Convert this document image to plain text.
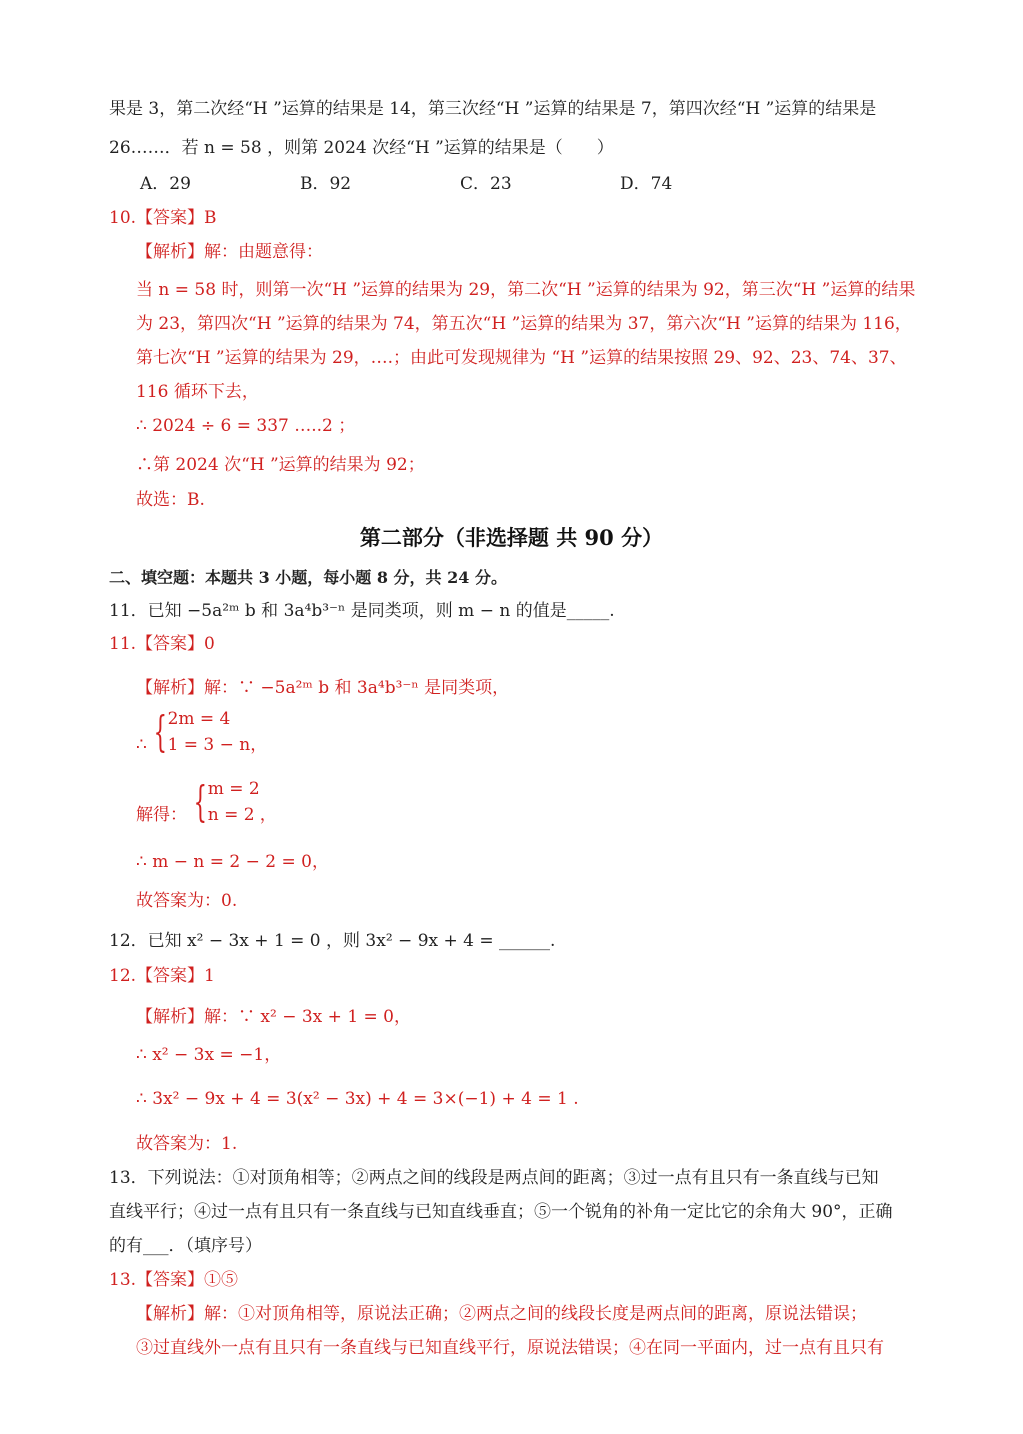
果是 3，第二次经“H ”运算的结果是 14，第三次经“H ”运算的结果是 7，第四次经“H ”运算的结果是
26……．若 n = 58 ，则第 2024 次经“H ”运算的结果是（　　）
A．29	B．92	C．23	D．74
10.【答案】B
【解析】解：由题意得：
当 n = 58 时，则第一次“H ”运算的结果为 29，第二次“H ”运算的结果为 92，第三次“H ”运算的结果
为 23，第四次“H ”运算的结果为 74，第五次“H ”运算的结果为 37，第六次“H ”运算的结果为 116，
第七次“H ”运算的结果为 29，….；由此可发现规律为 “H ”运算的结果按照 29、92、23、74、37、
116 循环下去，
∴ 2024 ÷ 6 = 337 …..2 ；
∴第 2024 次“H ”运算的结果为 92；
故选：B.
第二部分（非选择题 共 90 分）
二、填空题：本题共 3 小题，每小题 8 分，共 24 分。
11．已知 −5a²ᵐ b 和 3a⁴b³⁻ⁿ 是同类项，则 m − n 的值是_____.
11.【答案】0
【解析】解：∵ −5a²ᵐ b 和 3a⁴b³⁻ⁿ 是同类项，
∴ { 2m = 4
1 = 3 − n ，
解得： { m = 2
n = 2 ，
∴ m − n = 2 − 2 = 0，
故答案为：0.
12．已知 x² − 3x + 1 = 0 ，则 3x² − 9x + 4 = ______.
12.【答案】1
【解析】解：∵ x² − 3x + 1 = 0，
∴ x² − 3x = −1，
∴ 3x² − 9x + 4 = 3(x² − 3x) + 4 = 3×(−1) + 4 = 1 .
故答案为：1.
13．下列说法：①对顶角相等；②两点之间的线段是两点间的距离；③过一点有且只有一条直线与已知
直线平行；④过一点有且只有一条直线与已知直线垂直；⑤一个锐角的补角一定比它的余角大 90°，正确
的有___．（填序号）
13.【答案】①⑤
【解析】解：①对顶角相等，原说法正确；②两点之间的线段长度是两点间的距离，原说法错误；
③过直线外一点有且只有一条直线与已知直线平行，原说法错误；④在同一平面内，过一点有且只有
